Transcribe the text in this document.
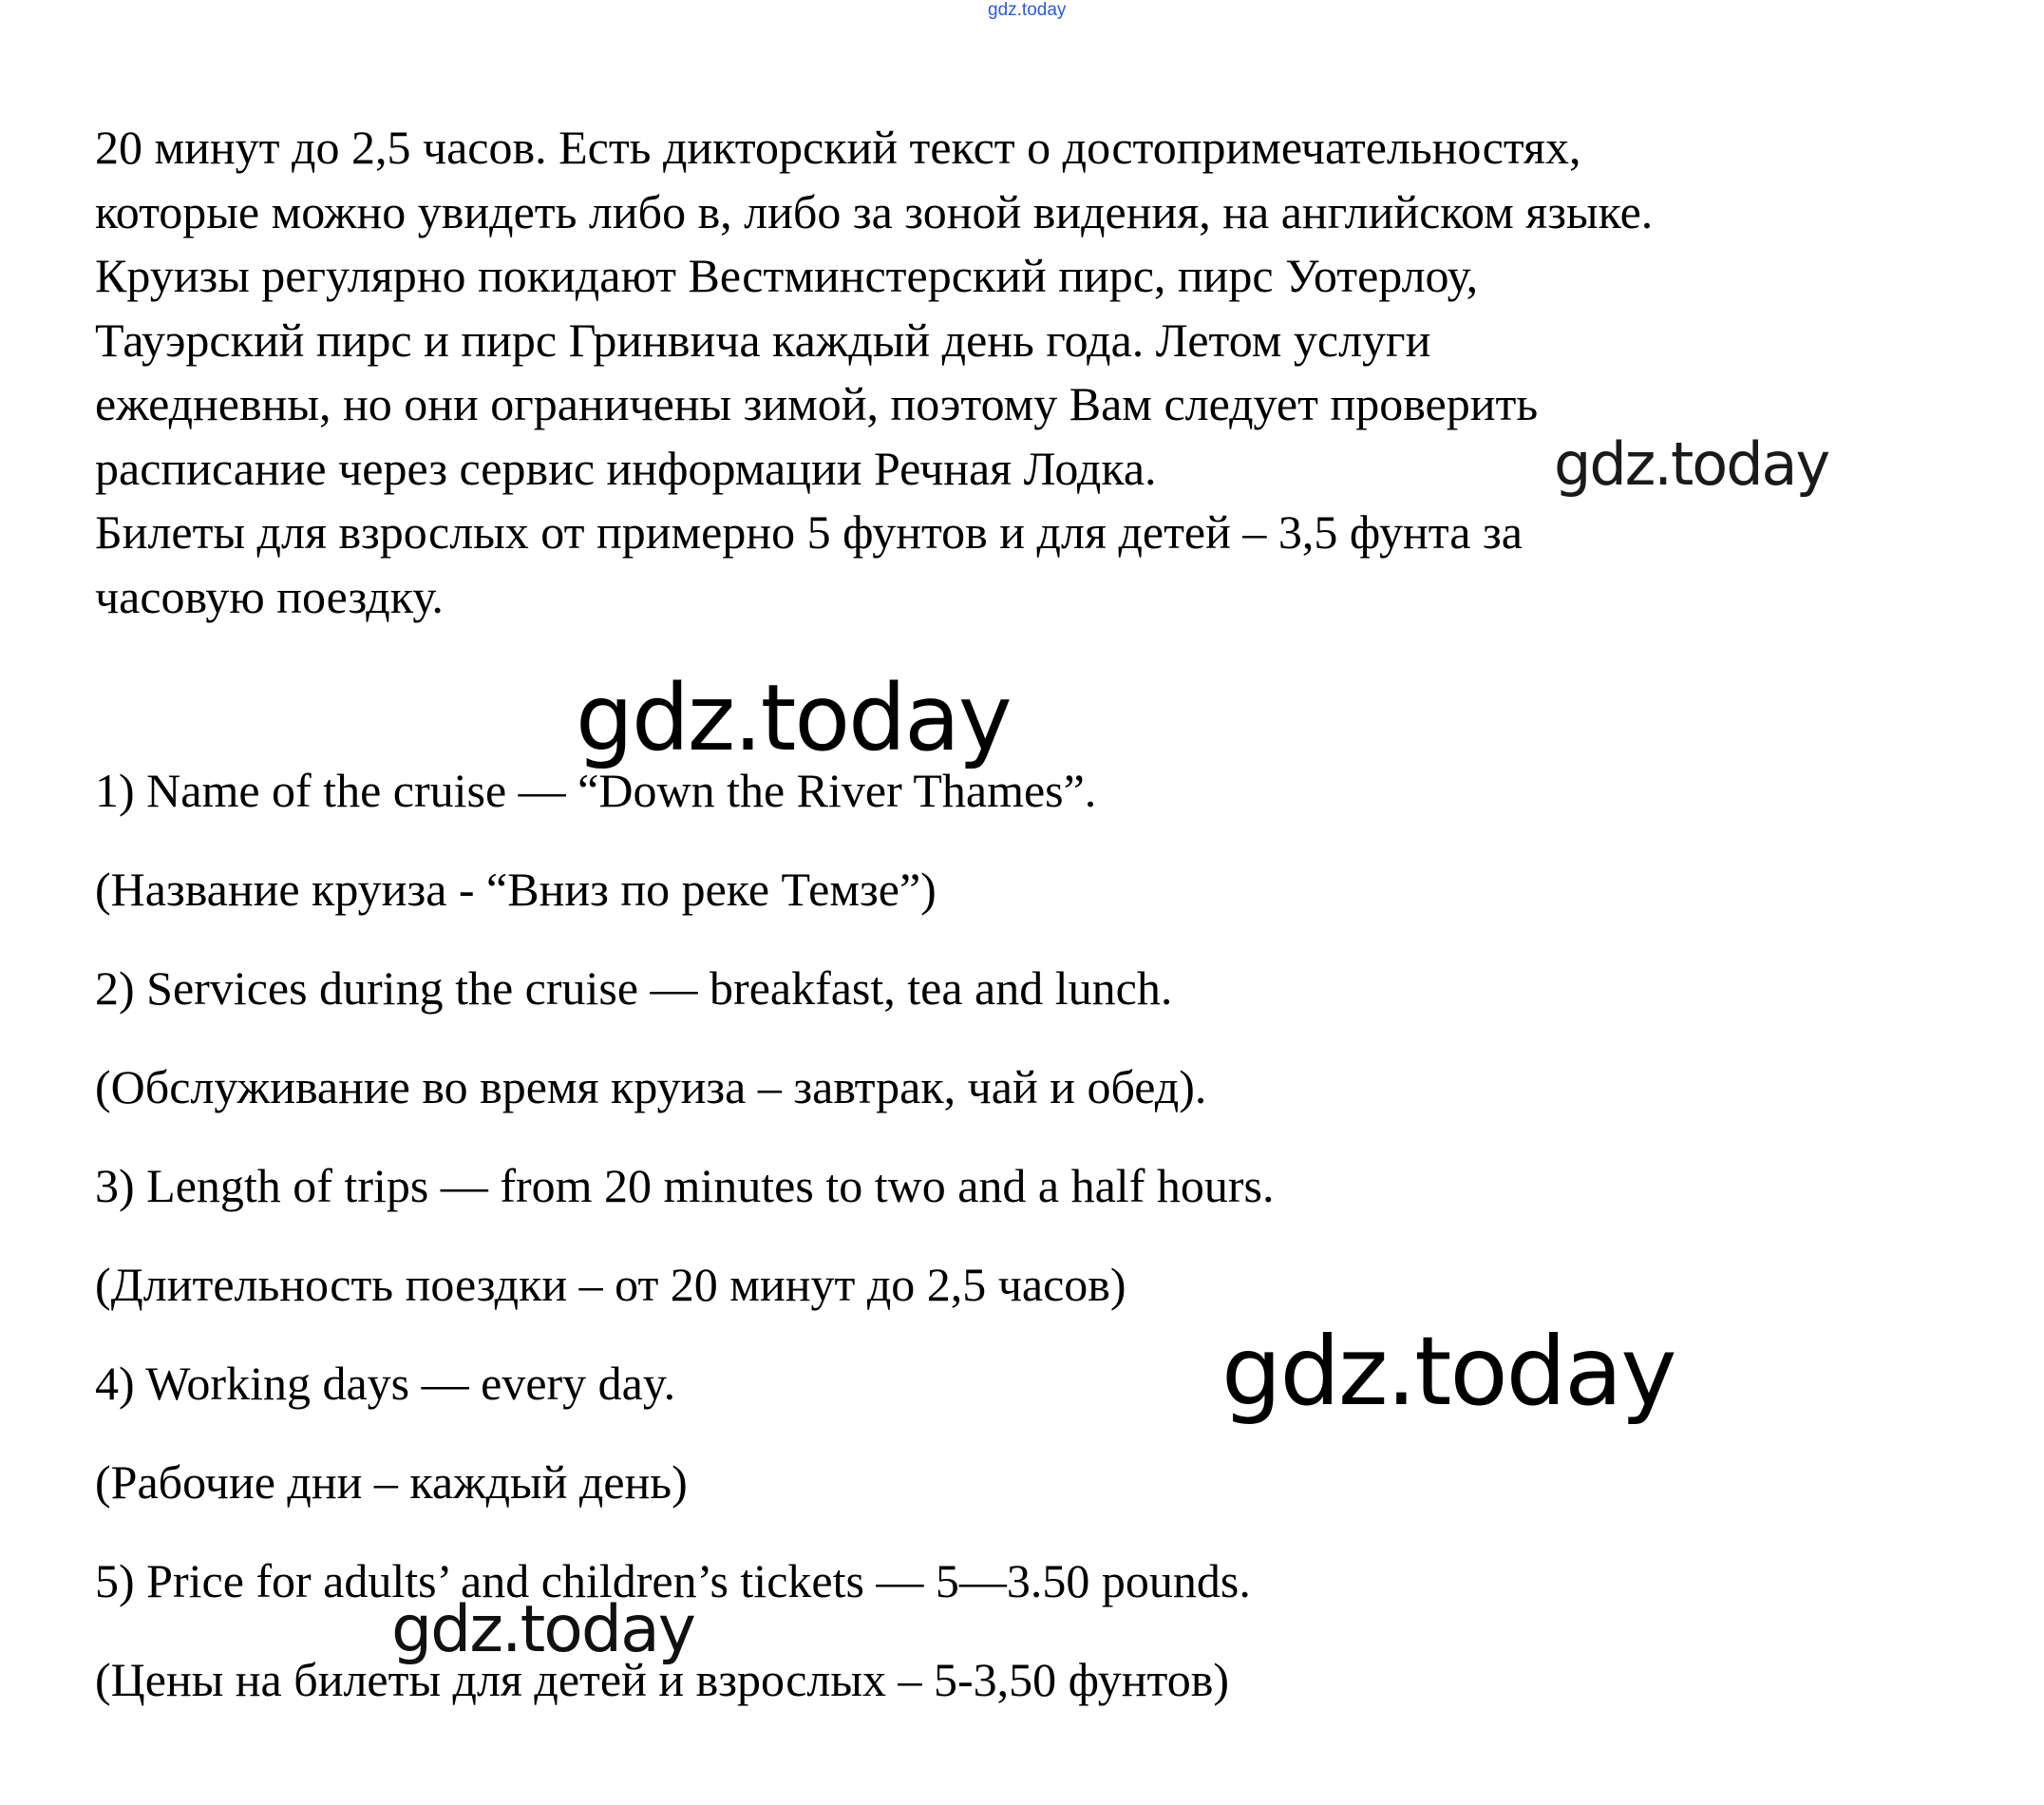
gdz.today
20 минут до 2,5 часов. Есть дикторский текст о достопримечательностях,
которые можно увидеть либо в, либо за зоной видения, на английском языке.
Круизы регулярно покидают Вестминстерский пирс, пирс Уотерлоу,
Тауэрский пирс и пирс Гринвича каждый день года. Летом услуги
ежедневны, но они ограничены зимой, поэтому Вам следует проверить
расписание через сервис информации Речная Лодка.
Билеты для взрослых от примерно 5 фунтов и для детей – 3,5 фунта за
часовую поездку.
1) Name of the cruise — “Down the River Thames”.
(Название круиза - “Вниз по реке Темзе”)
2) Services during the cruise — breakfast, tea and lunch.
(Обслуживание во время круиза – завтрак, чай и обед).
3) Length of trips — from 20 minutes to two and a half hours.
(Длительность поездки – от 20 минут до 2,5 часов)
4) Working days — every day.
(Рабочие дни – каждый день)
5) Price for adults’ and children’s tickets — 5—3.50 pounds.
(Цены на билеты для детей и взрослых – 5-3,50 фунтов)
gdz.today
gdz.today
gdz.today
gdz.today
